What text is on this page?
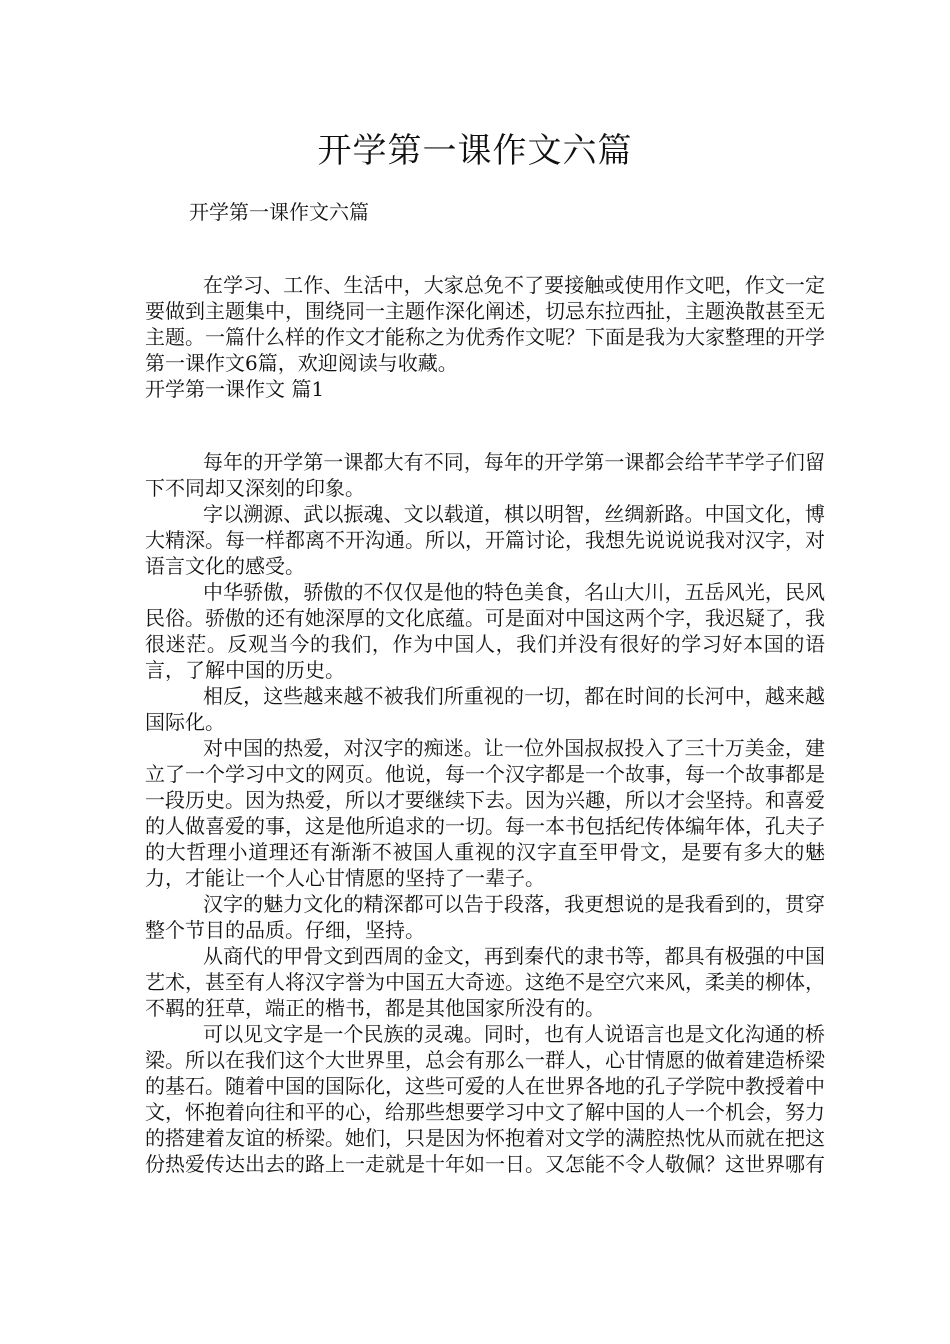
开学第一课作文六篇
开学第一课作文六篇

在学习、工作、生活中，大家总免不了要接触或使用作文吧，作文一定要做到主题集中，围绕同一主题作深化阐述，切忌东拉西扯，主题涣散甚至无主题。一篇什么样的作文才能称之为优秀作文呢？下面是我为大家整理的开学第一课作文6篇，欢迎阅读与收藏。

开学第一课作文 篇1

每年的开学第一课都大有不同，每年的开学第一课都会给芊芊学子们留下不同却又深刻的印象。

字以溯源、武以振魂、文以载道，棋以明智，丝绸新路。中国文化，博大精深。每一样都离不开沟通。所以，开篇讨论，我想先说说说我对汉字，对语言文化的感受。

中华骄傲，骄傲的不仅仅是他的特色美食，名山大川，五岳风光，民风民俗。骄傲的还有她深厚的文化底蕴。可是面对中国这两个字，我迟疑了，我很迷茫。反观当今的我们，作为中国人，我们并没有很好的学习好本国的语言，了解中国的历史。

相反，这些越来越不被我们所重视的一切，都在时间的长河中，越来越国际化。

对中国的热爱，对汉字的痴迷。让一位外国叔叔投入了三十万美金，建立了一个学习中文的网页。他说，每一个汉字都是一个故事，每一个故事都是一段历史。因为热爱，所以才要继续下去。因为兴趣，所以才会坚持。和喜爱的人做喜爱的事，这是他所追求的一切。每一本书包括纪传体编年体，孔夫子的大哲理小道理还有渐渐不被国人重视的汉字直至甲骨文，是要有多大的魅力，才能让一个人心甘情愿的坚持了一辈子。

汉字的魅力文化的精深都可以告于段落，我更想说的是我看到的，贯穿整个节目的品质。仔细，坚持。

从商代的甲骨文到西周的金文，再到秦代的隶书等，都具有极强的中国艺术，甚至有人将汉字誉为中国五大奇迹。这绝不是空穴来风，柔美的柳体，不羁的狂草，端正的楷书，都是其他国家所没有的。

可以见文字是一个民族的灵魂。同时，也有人说语言也是文化沟通的桥梁。所以在我们这个大世界里，总会有那么一群人，心甘情愿的做着建造桥梁的基石。随着中国的国际化，这些可爱的人在世界各地的孔子学院中教授着中文，怀抱着向往和平的心，给那些想要学习中文了解中国的人一个机会，努力的搭建着友谊的桥梁。她们，只是因为怀抱着对文学的满腔热忱从而就在把这份热爱传达出去的路上一走就是十年如一日。又怎能不令人敬佩？这世界哪有
